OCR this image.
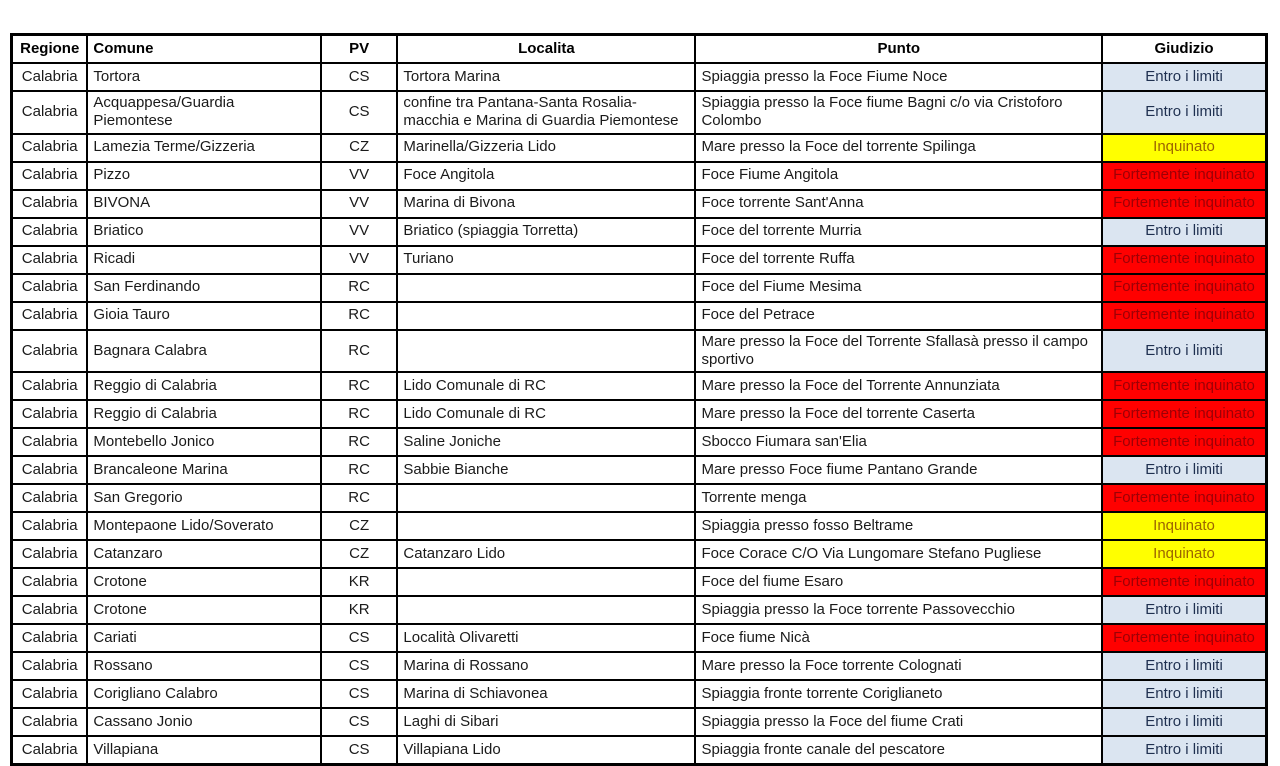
Regione	Comune	PV	Localita	Punto	Giudizio
Calabria	Tortora	CS	Tortora Marina	Spiaggia presso la Foce Fiume Noce	Entro i limiti
Calabria	Acquappesa/Guardia Piemontese	CS	confine tra Pantana-Santa Rosalia-macchia e Marina di Guardia Piemontese	Spiaggia presso la Foce fiume Bagni c/o via Cristoforo Colombo	Entro i limiti
Calabria	Lamezia Terme/Gizzeria	CZ	Marinella/Gizzeria Lido	Mare presso la Foce del torrente Spilinga	Inquinato
Calabria	Pizzo	VV	Foce Angitola	Foce Fiume Angitola	Fortemente inquinato
Calabria	BIVONA	VV	Marina di Bivona	Foce torrente Sant'Anna	Fortemente inquinato
Calabria	Briatico	VV	Briatico (spiaggia Torretta)	Foce del torrente Murria	Entro i limiti
Calabria	Ricadi	VV	Turiano	Foce del torrente Ruffa	Fortemente inquinato
Calabria	San Ferdinando	RC		Foce del Fiume Mesima	Fortemente inquinato
Calabria	Gioia Tauro	RC		Foce del Petrace	Fortemente inquinato
Calabria	Bagnara Calabra	RC		Mare presso la Foce del Torrente Sfallasà presso il campo sportivo	Entro i limiti
Calabria	Reggio di Calabria	RC	Lido Comunale di RC	Mare presso la Foce del Torrente Annunziata	Fortemente inquinato
Calabria	Reggio di Calabria	RC	Lido Comunale di RC	Mare presso la Foce del torrente Caserta	Fortemente inquinato
Calabria	Montebello Jonico	RC	Saline Joniche	Sbocco Fiumara san'Elia	Fortemente inquinato
Calabria	Brancaleone Marina	RC	Sabbie Bianche	Mare presso Foce fiume Pantano Grande	Entro i limiti
Calabria	San Gregorio	RC		Torrente menga	Fortemente inquinato
Calabria	Montepaone Lido/Soverato	CZ		Spiaggia presso fosso Beltrame	Inquinato
Calabria	Catanzaro	CZ	Catanzaro Lido	Foce Corace C/O Via Lungomare Stefano Pugliese	Inquinato
Calabria	Crotone	KR		Foce del fiume Esaro	Fortemente inquinato
Calabria	Crotone	KR		Spiaggia presso la Foce torrente Passovecchio	Entro i limiti
Calabria	Cariati	CS	Località Olivaretti	Foce fiume Nicà	Fortemente inquinato
Calabria	Rossano	CS	Marina di Rossano	Mare presso la Foce torrente Colognati	Entro i limiti
Calabria	Corigliano Calabro	CS	Marina di Schiavonea	Spiaggia fronte torrente Coriglianeto	Entro i limiti
Calabria	Cassano Jonio	CS	Laghi di Sibari	Spiaggia presso la Foce del fiume Crati	Entro i limiti
Calabria	Villapiana	CS	Villapiana Lido	Spiaggia fronte canale del pescatore	Entro i limiti
